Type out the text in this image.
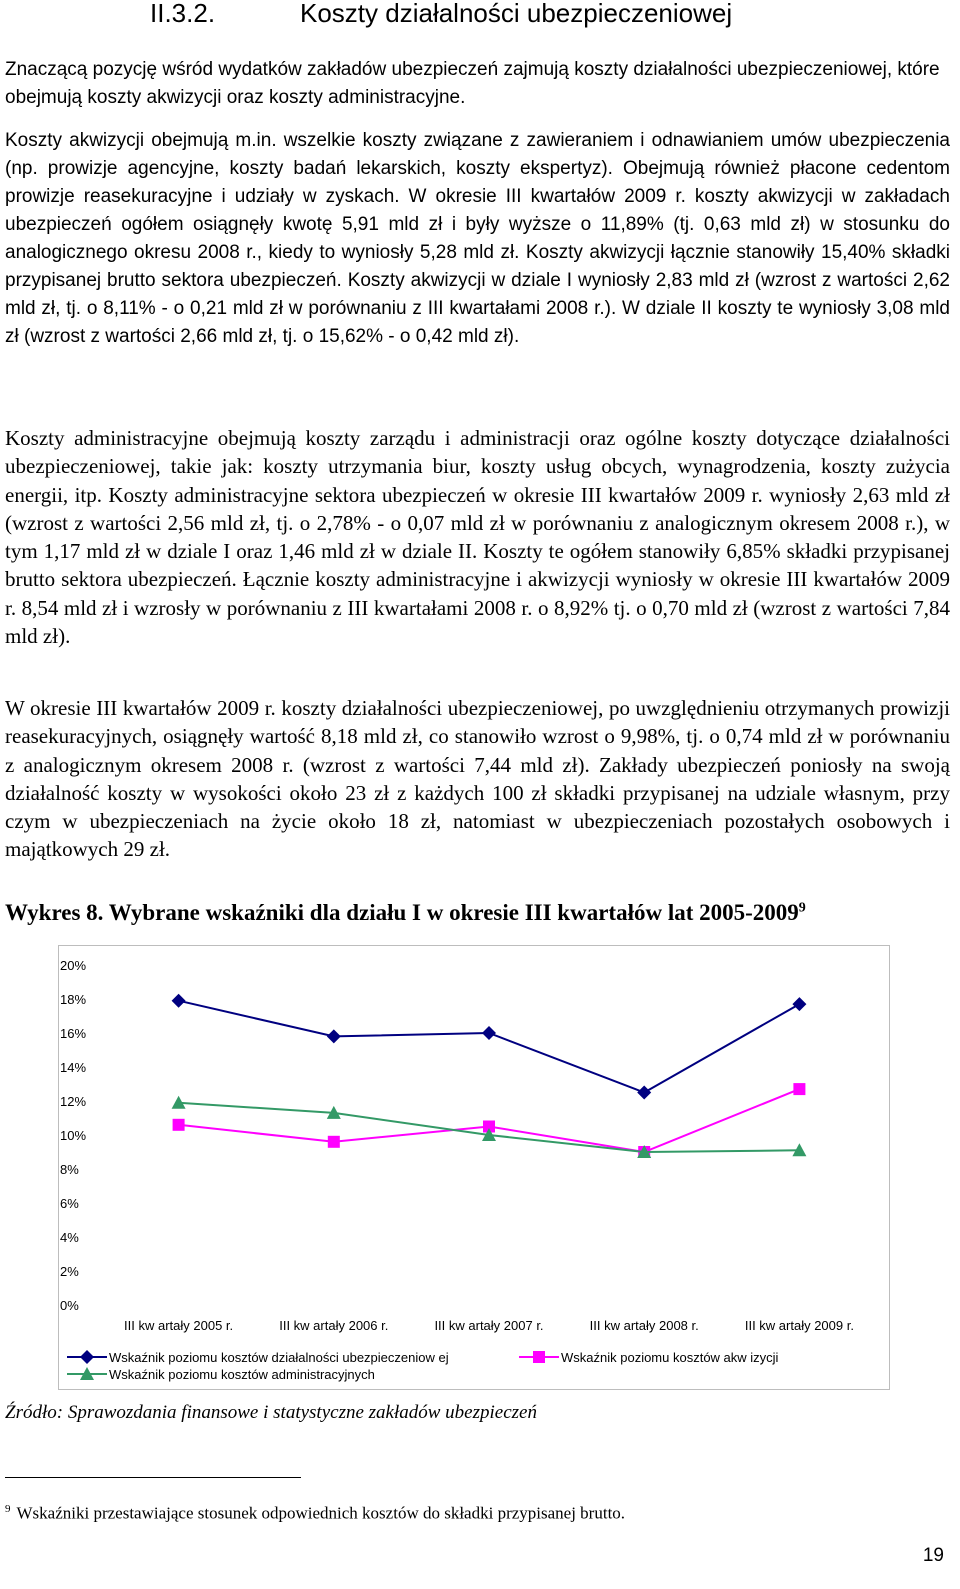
II.3.2.	Koszty działalności ubezpieczeniowej

Znaczącą pozycję wśród wydatków zakładów ubezpieczeń zajmują koszty działalności ubezpieczeniowej, które obejmują koszty akwizycji oraz koszty administracyjne.

Koszty akwizycji obejmują m.in. wszelkie koszty związane z zawieraniem i odnawianiem umów ubezpieczenia (np. prowizje agencyjne, koszty badań lekarskich, koszty ekspertyz). Obejmują również płacone cedentom prowizje reasekuracyjne i udziały w zyskach. W okresie III kwartałów 2009 r. koszty akwizycji w zakładach ubezpieczeń ogółem osiągnęły kwotę 5,91 mld zł i były wyższe o 11,89% (tj. 0,63 mld zł) w stosunku do analogicznego okresu 2008 r., kiedy to wyniosły 5,28 mld zł. Koszty akwizycji łącznie stanowiły 15,40% składki przypisanej brutto sektora ubezpieczeń. Koszty akwizycji w dziale I wyniosły 2,83 mld zł (wzrost z wartości 2,62 mld zł, tj. o 8,11% - o 0,21 mld zł w porównaniu z III kwartałami 2008 r.). W dziale II koszty te wyniosły 3,08 mld zł (wzrost z wartości 2,66 mld zł, tj. o 15,62% - o 0,42 mld zł).

Koszty administracyjne obejmują koszty zarządu i administracji oraz ogólne koszty dotyczące działalności ubezpieczeniowej, takie jak: koszty utrzymania biur, koszty usług obcych, wynagrodzenia, koszty zużycia energii, itp. Koszty administracyjne sektora ubezpieczeń w okresie III kwartałów 2009 r. wyniosły 2,63 mld zł (wzrost z wartości 2,56 mld zł, tj. o 2,78% - o 0,07 mld zł w porównaniu z analogicznym okresem 2008 r.), w tym 1,17 mld zł w dziale I oraz 1,46 mld zł w dziale II. Koszty te ogółem stanowiły 6,85% składki przypisanej brutto sektora ubezpieczeń. Łącznie koszty administracyjne i akwizycji wyniosły w okresie III kwartałów 2009 r. 8,54 mld zł i wzrosły w porównaniu z III kwartałami 2008 r. o 8,92% tj. o 0,70 mld zł (wzrost z wartości 7,84 mld zł).

W okresie III kwartałów 2009 r. koszty działalności ubezpieczeniowej, po uwzględnieniu otrzymanych prowizji reasekuracyjnych, osiągnęły wartość 8,18 mld zł, co stanowiło wzrost o 9,98%, tj. o 0,74 mld zł w porównaniu z analogicznym okresem 2008 r. (wzrost z wartości 7,44 mld zł). Zakłady ubezpieczeń poniosły na swoją działalność koszty w wysokości około 23 zł z każdych 100 zł składki przypisanej na udziale własnym, przy czym w ubezpieczeniach na życie około 18 zł, natomiast w ubezpieczeniach pozostałych osobowych i majątkowych 29 zł.

Wykres 8. Wybrane wskaźniki dla działu I w okresie III kwartałów lat 2005-2009$^9$
0%
2%
4%
6%
8%
10%
12%
14%
16%
18%
20%
III kw artały 2005 r.	III kw artały 2006 r.	III kw artały 2007 r.	III kw artały 2008 r.	III kw artały 2009 r.
Wskaźnik poziomu kosztów działalności ubezpieczeniow ej	Wskaźnik poziomu kosztów akw izycji
Wskaźnik poziomu kosztów administracyjnych
Źródło: Sprawozdania finansowe i statystyczne zakładów ubezpieczeń
$^9$ Wskaźniki przestawiające stosunek odpowiednich kosztów do składki przypisanej brutto.
19
